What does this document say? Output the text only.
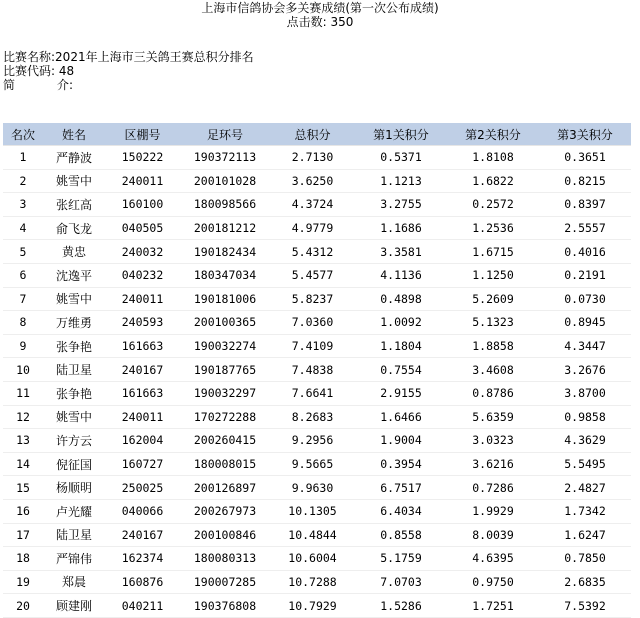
上海市信鸽协会多关赛成绩(第一次公布成绩)
点击数: 350
比赛名称:2021年上海市三关鸽王赛总积分排名
比赛代码: 48
简	介:
名次	姓名	区棚号	足环号	总积分	第1关积分	第2关积分	第3关积分
1	严静波	150222	190372113	2.7130	0.5371	1.8108	0.3651
2	姚雪中	240011	200101028	3.6250	1.1213	1.6822	0.8215
3	张红高	160100	180098566	4.3724	3.2755	0.2572	0.8397
4	俞飞龙	040505	200181212	4.9779	1.1686	1.2536	2.5557
5	黄忠	240032	190182434	5.4312	3.3581	1.6715	0.4016
6	沈逸平	040232	180347034	5.4577	4.1136	1.1250	0.2191
7	姚雪中	240011	190181006	5.8237	0.4898	5.2609	0.0730
8	万维勇	240593	200100365	7.0360	1.0092	5.1323	0.8945
9	张争艳	161663	190032274	7.4109	1.1804	1.8858	4.3447
10	陆卫星	240167	190187765	7.4838	0.7554	3.4608	3.2676
11	张争艳	161663	190032297	7.6641	2.9155	0.8786	3.8700
12	姚雪中	240011	170272288	8.2683	1.6466	5.6359	0.9858
13	许方云	162004	200260415	9.2956	1.9004	3.0323	4.3629
14	倪征国	160727	180008015	9.5665	0.3954	3.6216	5.5495
15	杨顺明	250025	200126897	9.9630	6.7517	0.7286	2.4827
16	卢光耀	040066	200267973	10.1305	6.4034	1.9929	1.7342
17	陆卫星	240167	200100846	10.4844	0.8558	8.0039	1.6247
18	严锦伟	162374	180080313	10.6004	5.1759	4.6395	0.7850
19	郑晨	160876	190007285	10.7288	7.0703	0.9750	2.6835
20	顾建刚	040211	190376808	10.7929	1.5286	1.7251	7.5392
